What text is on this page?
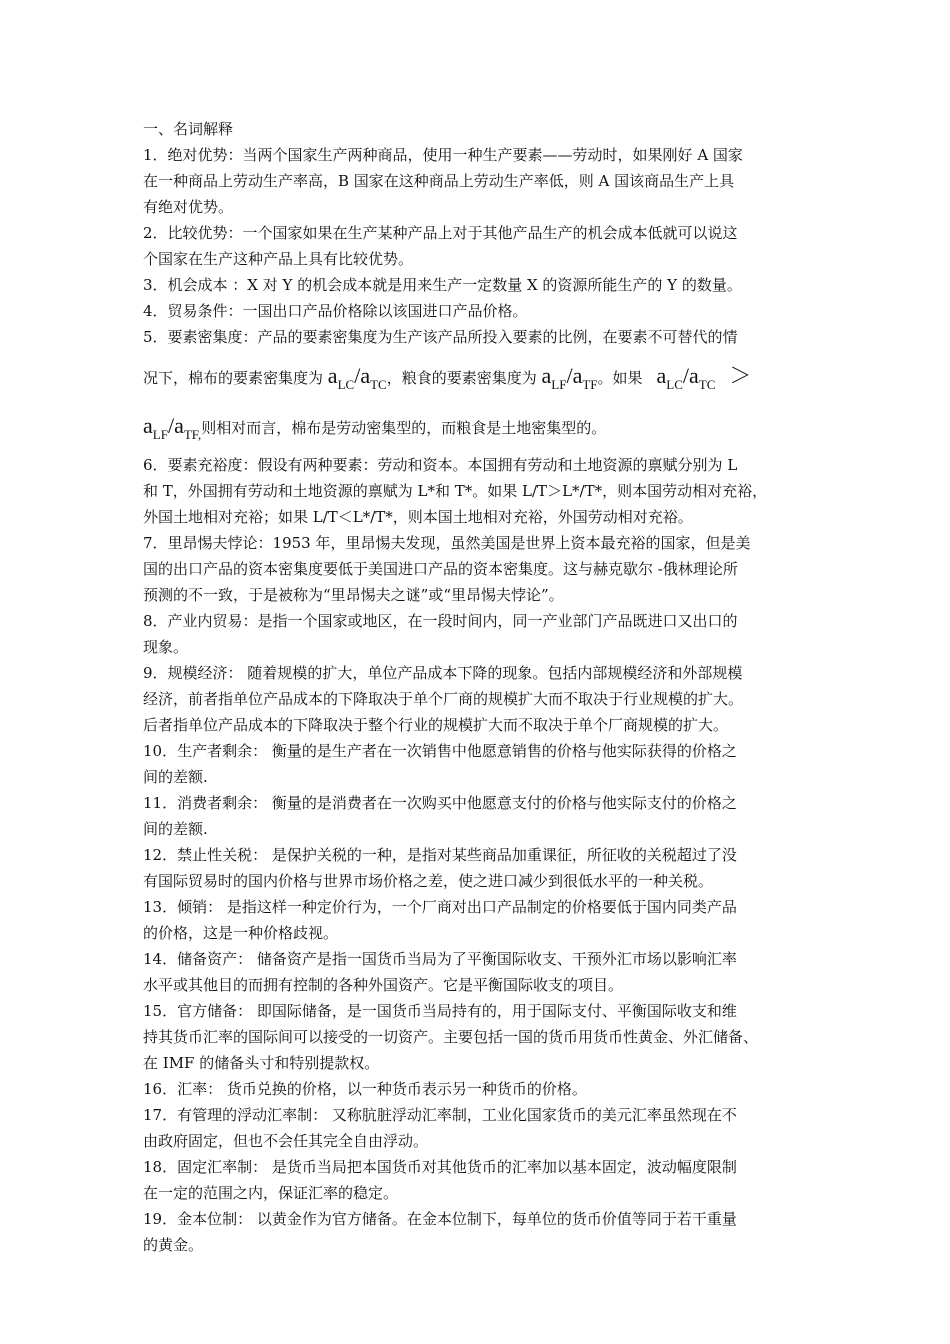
一、名词解释
1．绝对优势：当两个国家生产两种商品，使用一种生产要素——劳动时，如果刚好 A 国家
在一种商品上劳动生产率高，B 国家在这种商品上劳动生产率低，则 A 国该商品生产上具
有绝对优势。
2．比较优势：一个国家如果在生产某种产品上对于其他产品生产的机会成本低就可以说这
个国家在生产这种产品上具有比较优势。
3．机会成本 ：X 对 Y 的机会成本就是用来生产一定数量 X 的资源所能生产的 Y 的数量。
4．贸易条件：一国出口产品价格除以该国进口产品价格。
5．要素密集度：产品的要素密集度为生产该产品所投入要素的比例，在要素不可替代的情
况下，棉布的要素密集度为 aLC/aTC，粮食的要素密集度为 aLF/aTF。如果 aLC/aTC ＞
aLF/aTF,则相对而言，棉布是劳动密集型的，而粮食是土地密集型的。
6．要素充裕度：假设有两种要素：劳动和资本。本国拥有劳动和土地资源的禀赋分别为 L
和 T，外国拥有劳动和土地资源的禀赋为 L*和 T*。如果 L/T＞L*/T*，则本国劳动相对充裕，
外国土地相对充裕；如果 L/T＜L*/T*，则本国土地相对充裕，外国劳动相对充裕。
7．里昂惕夫悖论：1953 年，里昂惕夫发现，虽然美国是世界上资本最充裕的国家，但是美
国的出口产品的资本密集度要低于美国进口产品的资本密集度。这与赫克歇尔 -俄林理论所
预测的不一致，于是被称为“里昂惕夫之谜”或“里昂惕夫悖论”。
8．产业内贸易：是指一个国家或地区，在一段时间内，同一产业部门产品既进口又出口的
现象。
9．规模经济： 随着规模的扩大，单位产品成本下降的现象。包括内部规模经济和外部规模
经济，前者指单位产品成本的下降取决于单个厂商的规模扩大而不取决于行业规模的扩大。
后者指单位产品成本的下降取决于整个行业的规模扩大而不取决于单个厂商规模的扩大。
10．生产者剩余： 衡量的是生产者在一次销售中他愿意销售的价格与他实际获得的价格之
间的差额.
11．消费者剩余： 衡量的是消费者在一次购买中他愿意支付的价格与他实际支付的价格之
间的差额.
12．禁止性关税： 是保护关税的一种，是指对某些商品加重课征，所征收的关税超过了没
有国际贸易时的国内价格与世界市场价格之差，使之进口减少到很低水平的一种关税。
13．倾销： 是指这样一种定价行为，一个厂商对出口产品制定的价格要低于国内同类产品
的价格，这是一种价格歧视。
14．储备资产： 储备资产是指一国货币当局为了平衡国际收支、干预外汇市场以影响汇率
水平或其他目的而拥有控制的各种外国资产。它是平衡国际收支的项目。
15．官方储备： 即国际储备，是一国货币当局持有的，用于国际支付、平衡国际收支和维
持其货币汇率的国际间可以接受的一切资产。主要包括一国的货币用货币性黄金、外汇储备、
在 IMF 的储备头寸和特别提款权。
16．汇率： 货币兑换的价格，以一种货币表示另一种货币的价格。
17．有管理的浮动汇率制： 又称肮脏浮动汇率制，工业化国家货币的美元汇率虽然现在不
由政府固定，但也不会任其完全自由浮动。
18．固定汇率制： 是货币当局把本国货币对其他货币的汇率加以基本固定，波动幅度限制
在一定的范围之内，保证汇率的稳定。
19．金本位制： 以黄金作为官方储备。在金本位制下，每单位的货币价值等同于若干重量
的黄金。
